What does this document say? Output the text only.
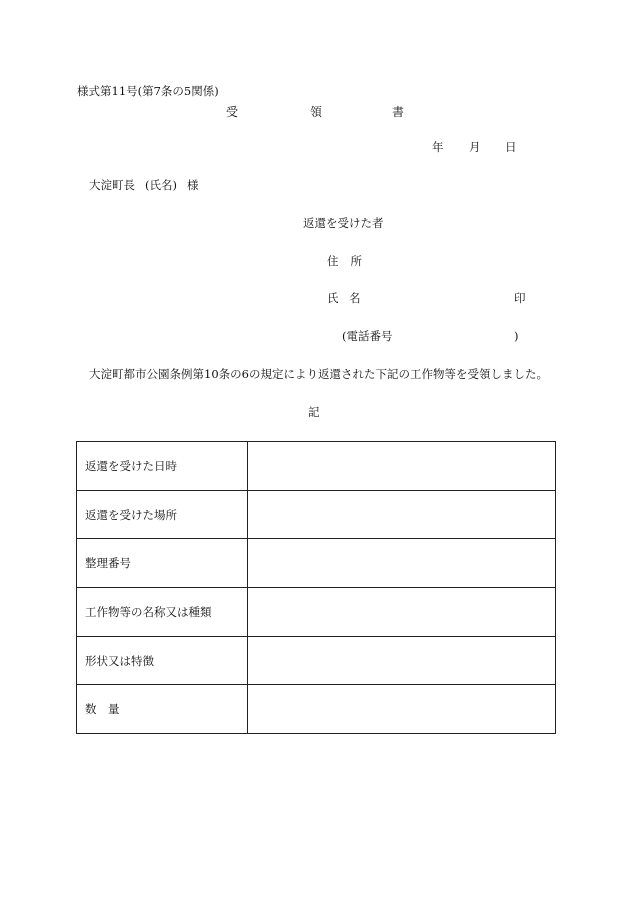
様式第11号(第7条の5関係)
受	領	書
年 月 日
大淀町長 (氏名) 様
返還を受けた者
住 所
氏 名	印
(電話番号	)
大淀町都市公園条例第10条の6の規定により返還された下記の工作物等を受領しました。
記
返還を受けた日時	
返還を受けた場所	
整理番号	
工作物等の名称又は種類	
形状又は特徴	
数　量	
